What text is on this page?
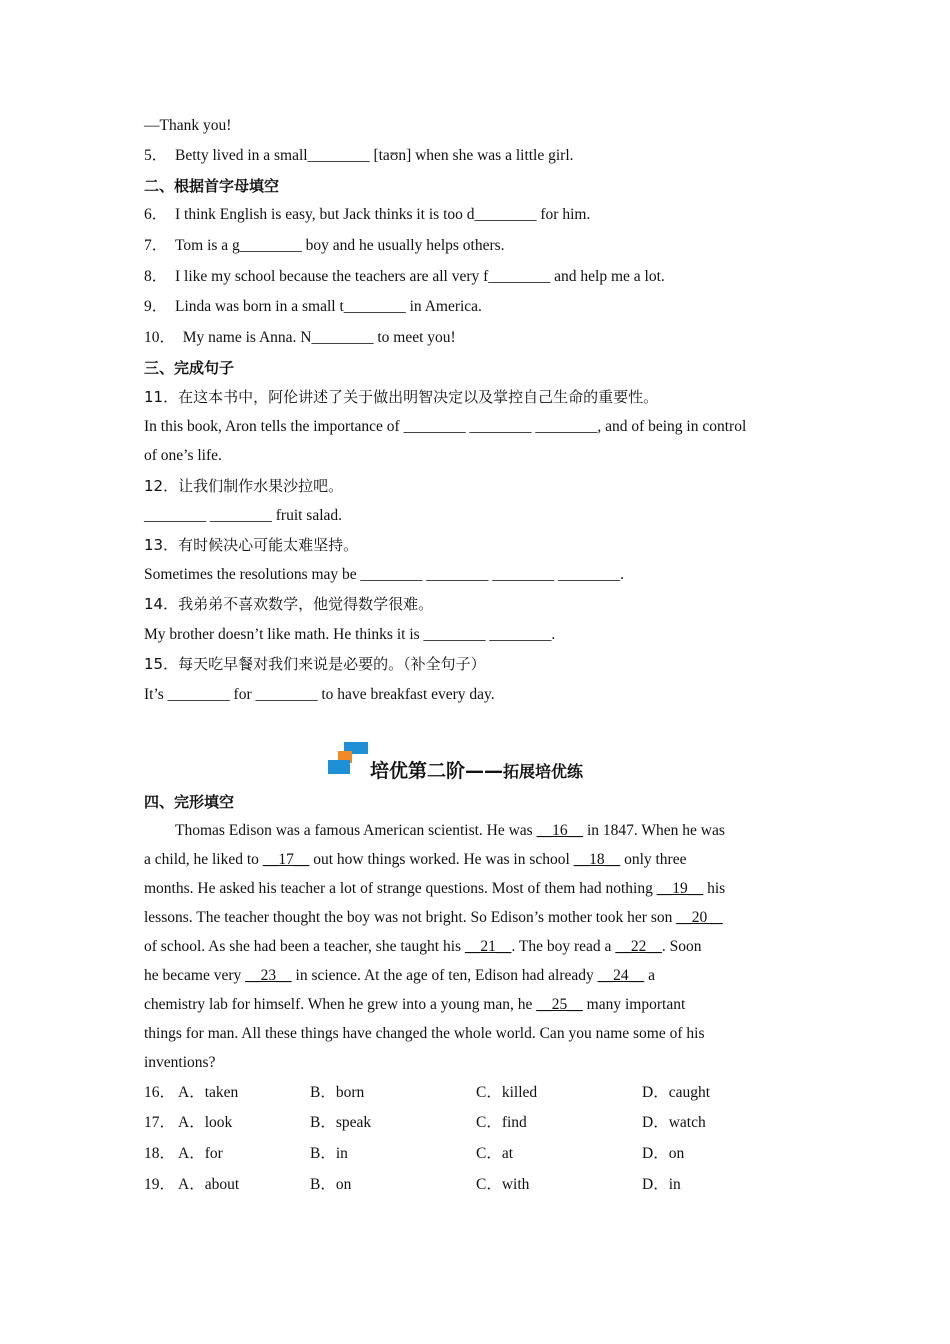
—Thank you!
5．　Betty lived in a small________ [taʊn] when she was a little girl.
二、根据首字母填空
6．　I think English is easy, but Jack thinks it is too d________ for him.
7．　Tom is a g________ boy and he usually helps others.
8．　I like my school because the teachers are all very f________ and help me a lot.
9．　Linda was born in a small t________ in America.
10．　My name is Anna. N________ to meet you!
三、完成句子
11．在这本书中，阿伦讲述了关于做出明智决定以及掌控自己生命的重要性。
In this book, Aron tells the importance of ________ ________ ________, and of being in control
of one’s life.
12．让我们制作水果沙拉吧。
________ ________ fruit salad.
13．有时候决心可能太难坚持。
Sometimes the resolutions may be ________ ________ ________ ________.
14．我弟弟不喜欢数学，他觉得数学很难。
My brother doesn’t like math. He thinks it is ________ ________.
15．每天吃早餐对我们来说是必要的。（补全句子）
It’s ________ for ________ to have breakfast every day.
培优第二阶——拓展培优练
四、完形填空
　　Thomas Edison was a famous American scientist. He was ＿16＿ in 1847. When he was
a child, he liked to ＿17＿ out how things worked. He was in school ＿18＿ only three
months. He asked his teacher a lot of strange questions. Most of them had nothing ＿19＿ his
lessons. The teacher thought the boy was not bright. So Edison’s mother took her son ＿20＿
of school. As she had been a teacher, she taught his ＿21＿. The boy read a ＿22＿. Soon
he became very ＿23＿ in science. At the age of ten, Edison had already ＿24＿ a
chemistry lab for himself. When he grew into a young man, he ＿25＿ many important
things for man. All these things have changed the whole world. Can you name some of his
inventions?
16． A．taken	B．born	C．killed	D．caught
17． A．look	B．speak	C．find	D．watch
18． A．for	B．in	C．at	D．on
19． A．about	B．on	C．with	D．in
